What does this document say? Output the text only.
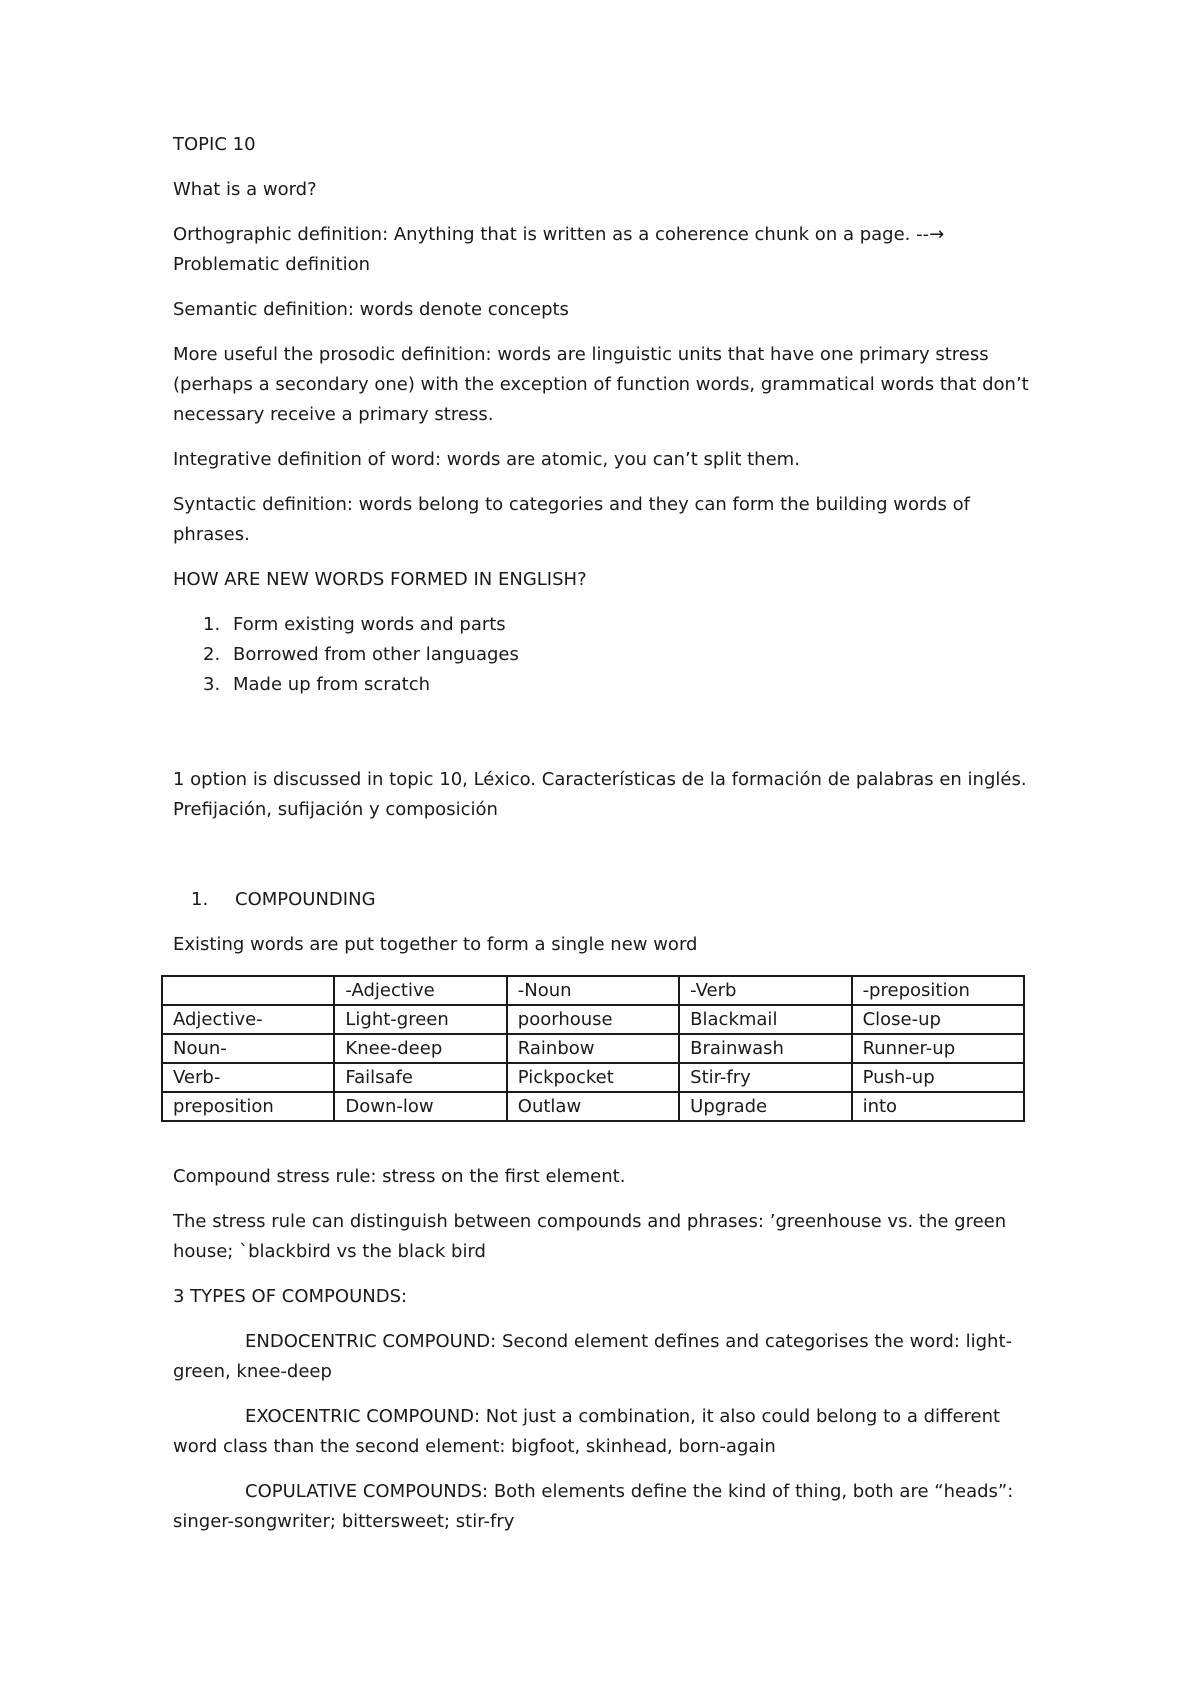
TOPIC 10

What is a word?

Orthographic definition: Anything that is written as a coherence chunk on a page. --→
Problematic definition

Semantic definition: words denote concepts

More useful the prosodic definition: words are linguistic units that have one primary stress (perhaps a secondary one) with the exception of function words, grammatical words that don’t necessary receive a primary stress.

Integrative definition of word: words are atomic, you can’t split them.

Syntactic definition: words belong to categories and they can form the building words of phrases.

HOW ARE NEW WORDS FORMED IN ENGLISH?

1. Form existing words and parts
2. Borrowed from other languages
3. Made up from scratch

1 option is discussed in topic 10, Léxico. Características de la formación de palabras en inglés. Prefijación, sufijación y composición

1.	COMPOUNDING

Existing words are put together to form a single new word

	-Adjective	-Noun	-Verb	-preposition
Adjective-	Light-green	poorhouse	Blackmail	Close-up
Noun-	Knee-deep	Rainbow	Brainwash	Runner-up
Verb-	Failsafe	Pickpocket	Stir-fry	Push-up
preposition	Down-low	Outlaw	Upgrade	into

Compound stress rule: stress on the first element.

The stress rule can distinguish between compounds and phrases: ’greenhouse vs. the green house; `blackbird vs the black bird

3 TYPES OF COMPOUNDS:

ENDOCENTRIC COMPOUND: Second element defines and categorises the word: light-green, knee-deep

EXOCENTRIC COMPOUND: Not just a combination, it also could belong to a different word class than the second element: bigfoot, skinhead, born-again

COPULATIVE COMPOUNDS: Both elements define the kind of thing, both are “heads”: singer-songwriter; bittersweet; stir-fry
